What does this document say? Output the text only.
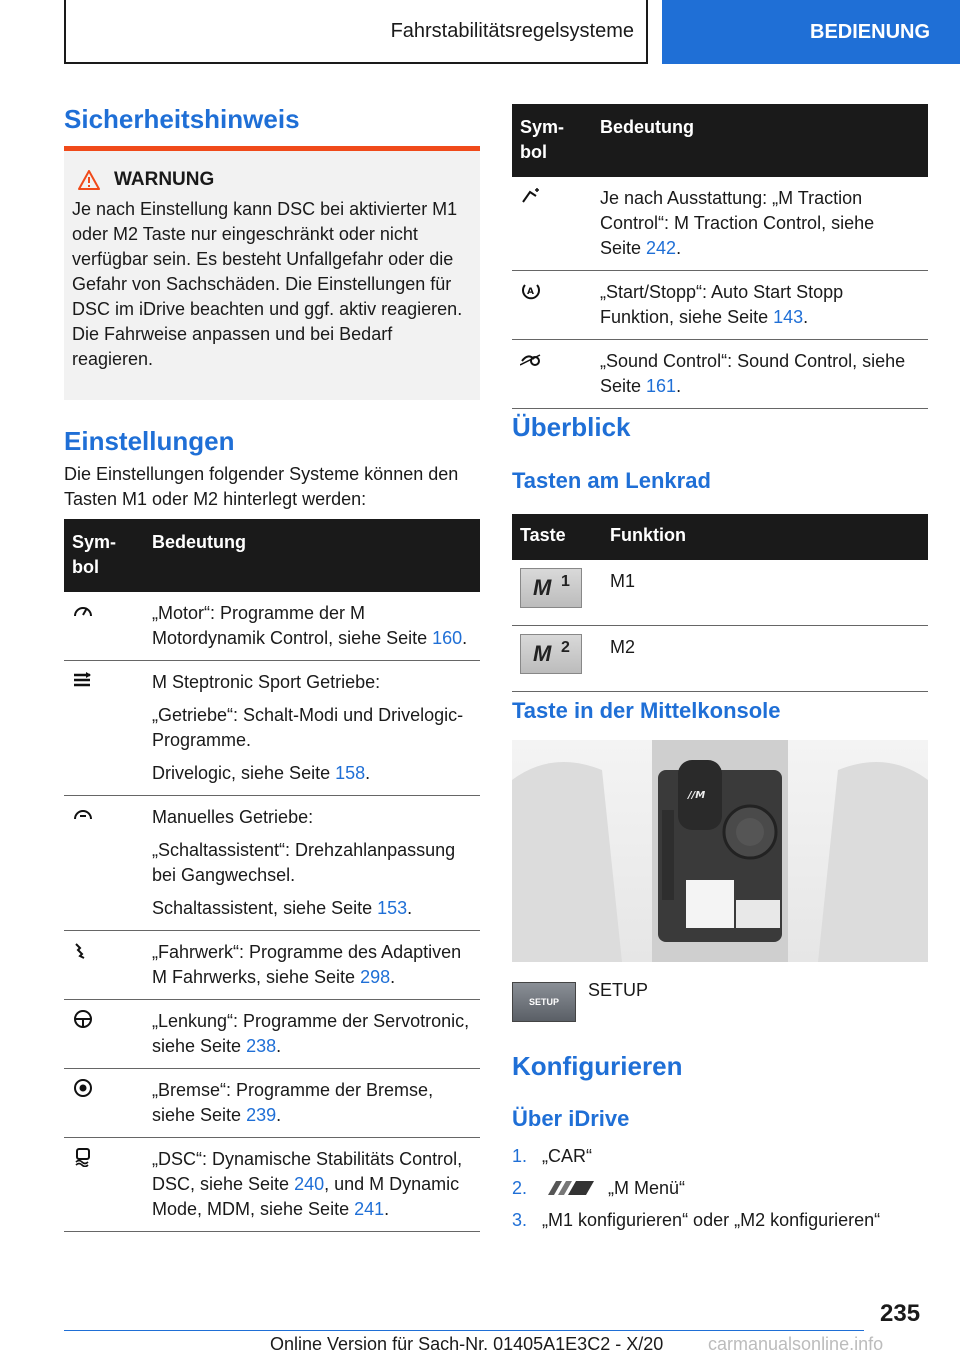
Fahrstabilitätsregelsysteme	BEDIENUNG
Sicherheitshinweis
WARNUNG
Je nach Einstellung kann DSC bei aktivierter M1 oder M2 Taste nur eingeschränkt oder nicht verfügbar sein. Es besteht Unfallgefahr oder die Gefahr von Sachschäden. Die Einstellungen für DSC im iDrive beachten und ggf. aktiv reagieren. Die Fahrweise anpassen und bei Bedarf reagieren.
Einstellungen
Die Einstellungen folgender Systeme können den Tasten M1 oder M2 hinterlegt werden:
Sym-
bol	Bedeutung

„Motor“: Programme der M Motordynamik Control, siehe Seite 160.

M Steptronic Sport Getriebe:

„Getriebe“: Schalt-Modi und Drivelogic-Programme.

Drivelogic, siehe Seite 158.

Manuelles Getriebe:

„Schaltassistent“: Drehzahlanpassung bei Gangwechsel.

Schaltassistent, siehe Seite 153.

„Fahrwerk“: Programme des Adaptiven M Fahrwerks, siehe Seite 298.

„Lenkung“: Programme der Servotronic, siehe Seite 238.

„Bremse“: Programme der Bremse, siehe Seite 239.

„DSC“: Dynamische Stabilitäts Control, DSC, siehe Seite 240, und M Dynamic Mode, MDM, siehe Seite 241.

Sym-
bol	Bedeutung

Je nach Ausstattung: „M Traction Control“: M Traction Control, siehe Seite 242.

A	„Start/Stopp“: Auto Start Stopp Funktion, siehe Seite 143.

„Sound Control“: Sound Control, siehe Seite 161.

Überblick
Tasten am Lenkrad
Taste	Funktion

M 1	M1

M 2	M2
Taste in der Mittelkonsole
//M
SETUP
SETUP
Konfigurieren
Über iDrive
1. „CAR“
2.	„M Menü“
3. „M1 konfigurieren“ oder „M2 konfigurieren“
235
Online Version für Sach-Nr. 01405A1E3C2 - X/20 carmanualsonline.info
